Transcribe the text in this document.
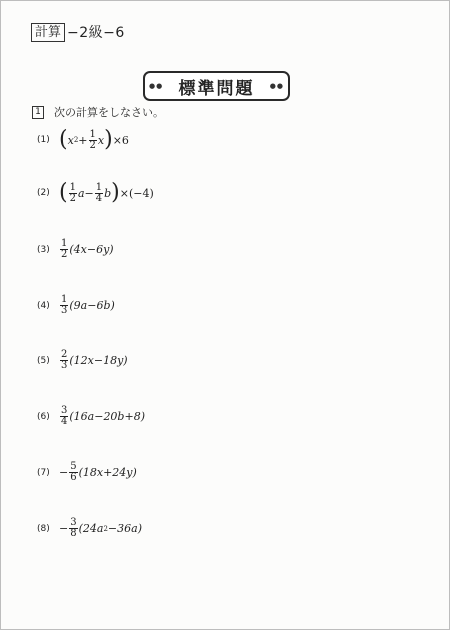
計算 −2級−6
●● 標準問題 ●●
1 次の計算をしなさい。
(1) ( x $2 + \frac{1}{2}$ x ) ×6
(2) ( $\frac{1}{2}$ $a - \frac{1}{4}$ b ) ×(−4)
(3)	$\frac{1}{2} (4x-6y)$
(4)	$\frac{1}{3} (9a-6b)$
(5)	$\frac{2}{3} (12x-18y)$
(6)	$\frac{3}{4} (16a-20b+8)$
$(7) - \frac{5}{6} (18x+24y)$
$(8) - \frac{3}{8} (24a$ 2 −36a)
